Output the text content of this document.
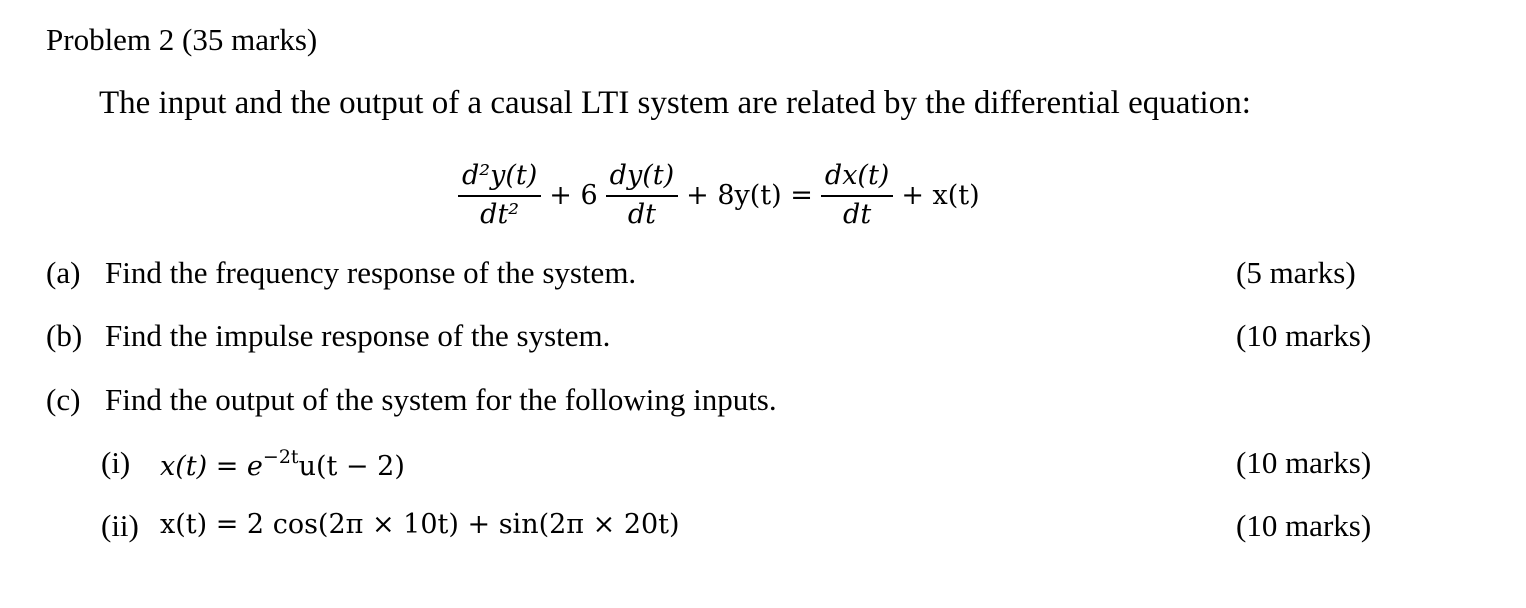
Problem 2 (35 marks)
The input and the output of a causal LTI system are related by the differential equation:
$\frac{\text{d²y(t)}}{\text{dt²}} + 6 \frac{dy(t)}{dt} + 8y(t) = \frac{dx(t)}{dt} + x(t)$
(a) Find the frequency response of the system.	(5 marks)
(b) Find the impulse response of the system.	(10 marks)
(c) Find the output of the system for the following inputs.
(i) $x(t) = e^{-2t}u(t - 2)$	(10 marks)
(ii) x(t) = 2 cos(2π × 10t) + sin(2π × 20t)	(10 marks)
